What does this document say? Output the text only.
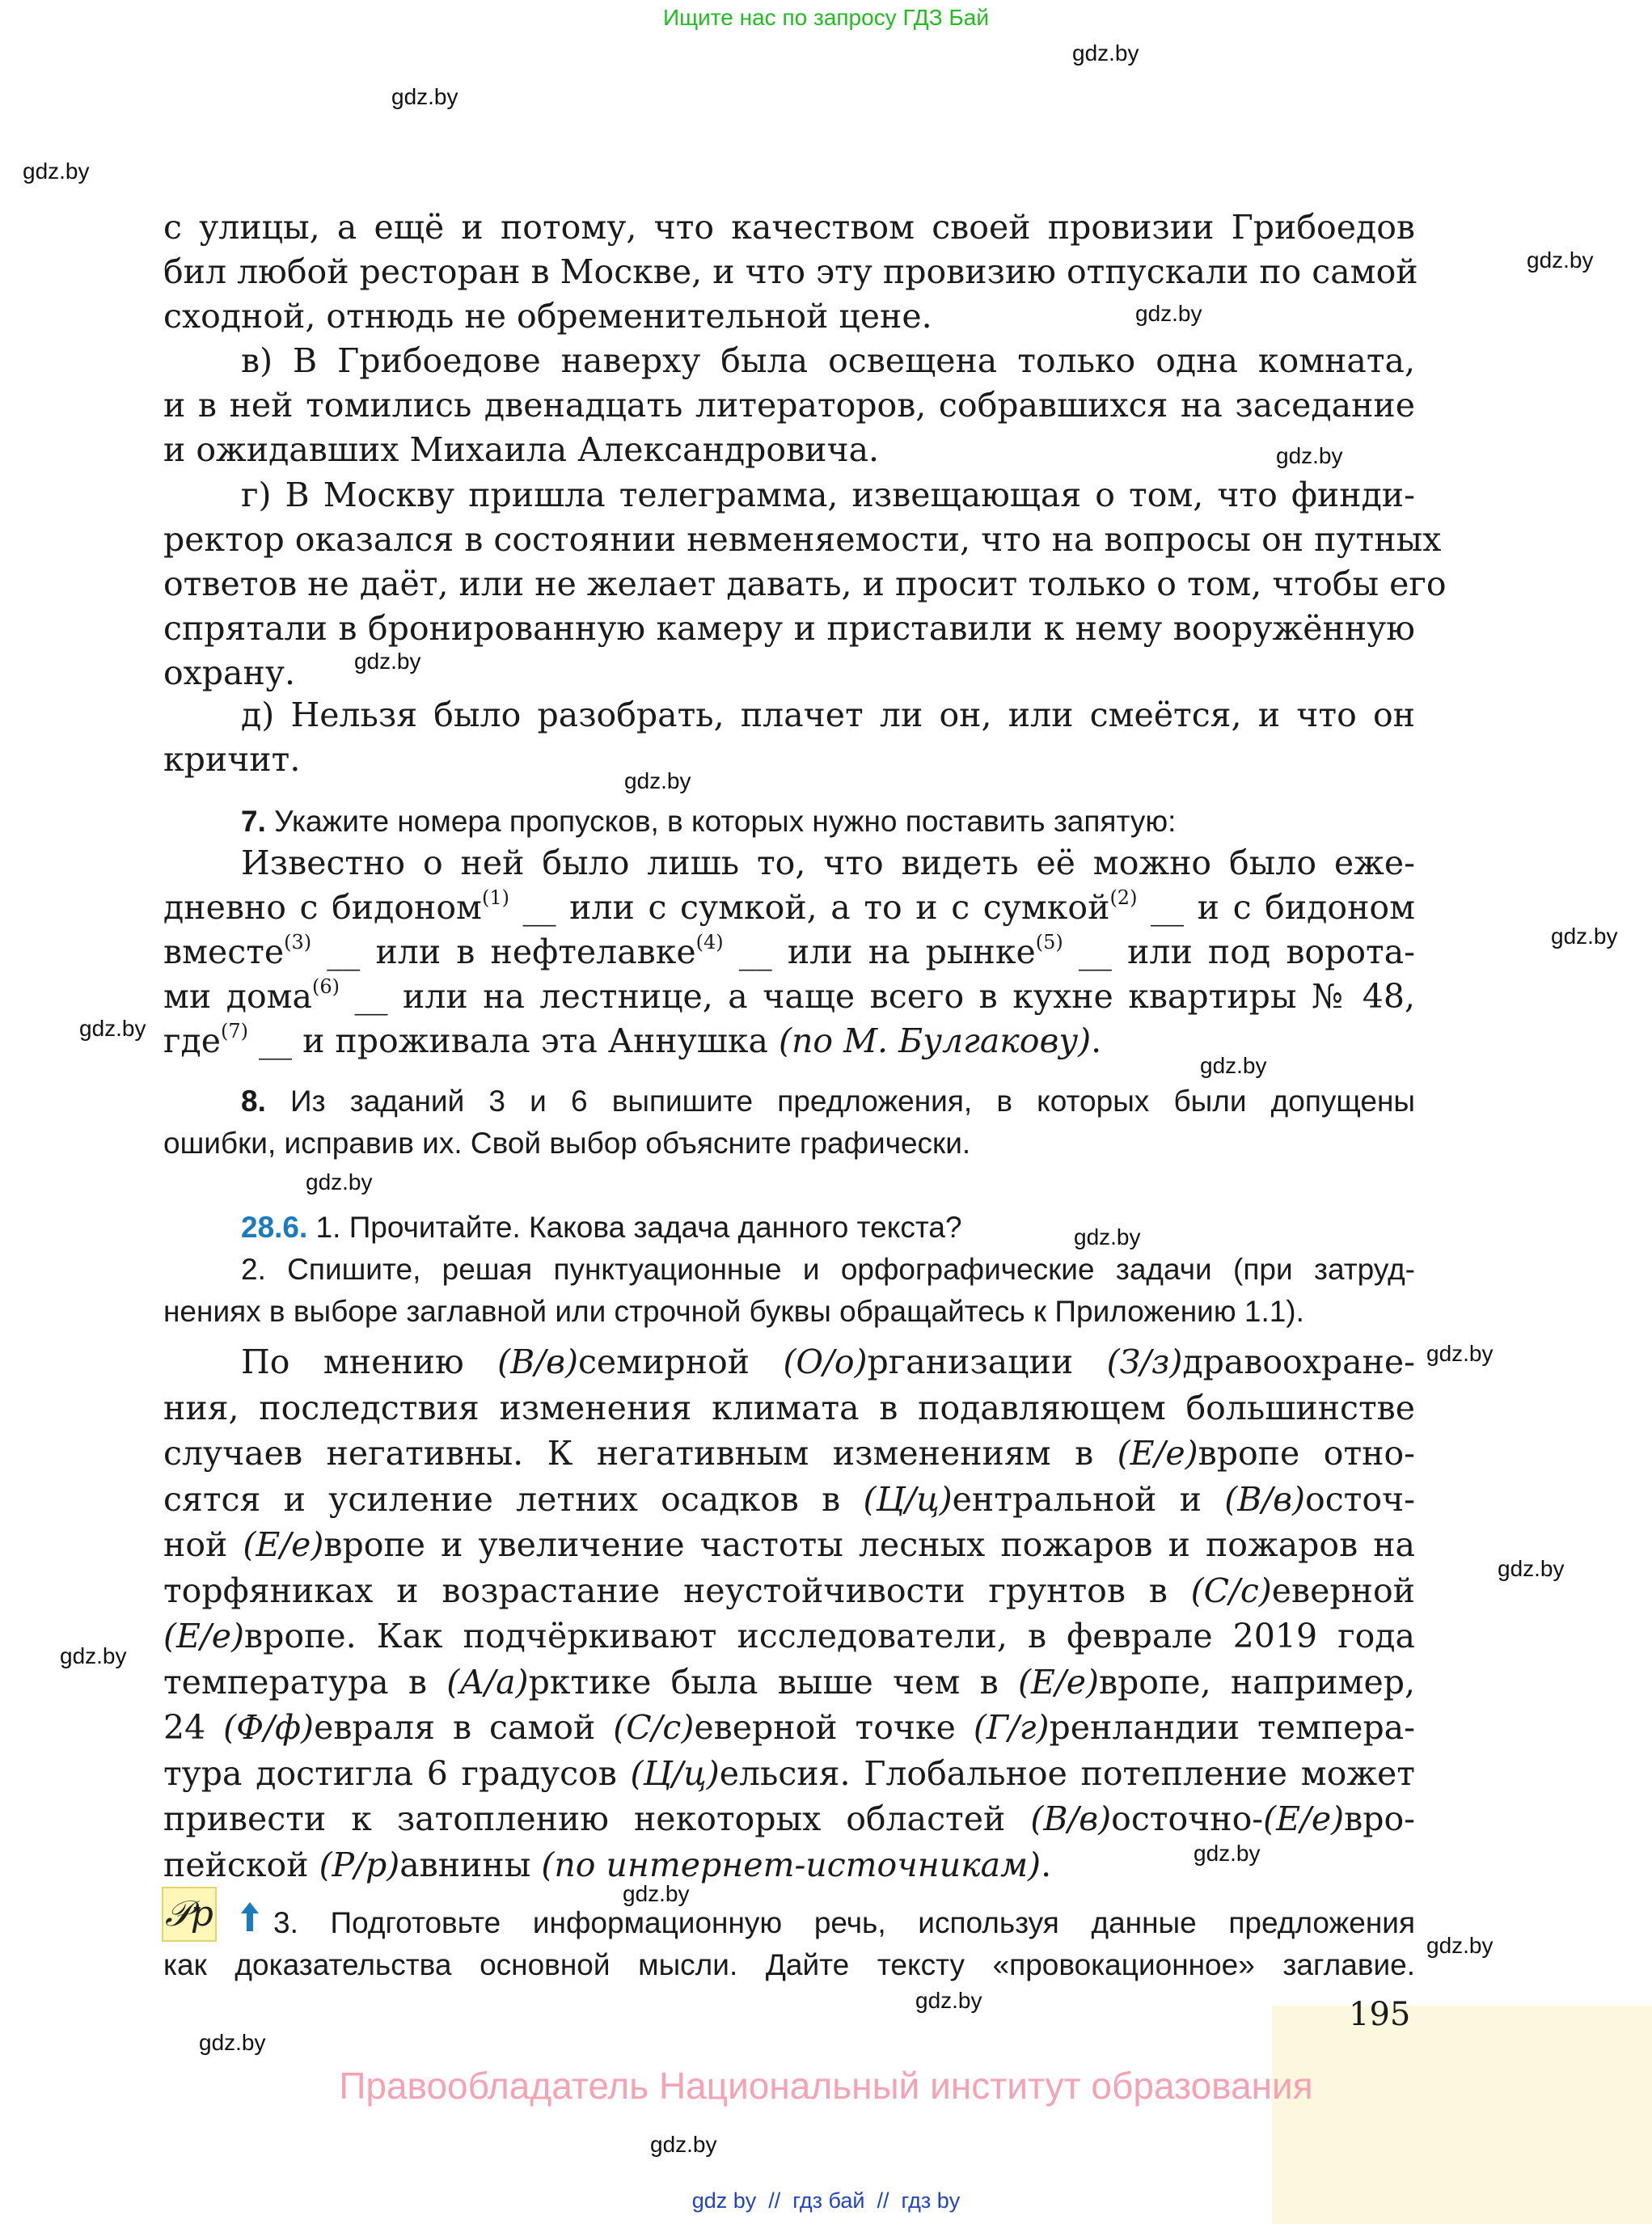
Ищите нас по запросу ГДЗ Бай
gdz.by
gdz.by
gdz.by
gdz.by
gdz.by
gdz.by
gdz.by
gdz.by
gdz.by
gdz.by
gdz.by
gdz.by
gdz.by
gdz.by
gdz.by
gdz.by
gdz.by
gdz.by
gdz.by
gdz.by
gdz.by
gdz.by
с улицы, а ещё и потому, что качеством своей провизии Грибоедов
бил любой ресторан в Москве, и что эту провизию отпускали по самой
сходной, отнюдь не обременительной цене.
в) В Грибоедове наверху была освещена только одна комната,
и в ней томились двенадцать литераторов, собравшихся на заседание
и ожидавших Михаила Александровича.
г) В Москву пришла телеграмма, извещающая о том, что финди-
ректор оказался в состоянии невменяемости, что на вопросы он путных
ответов не даёт, или не желает давать, и просит только о том, чтобы его
спрятали в бронированную камеру и приставили к нему вооружённую
охрану.
д) Нельзя было разобрать, плачет ли он, или смеётся, и что он
кричит.
7. Укажите номера пропусков, в которых нужно поставить запятую:
Известно о ней было лишь то, что видеть её можно было еже-
дневно с бидоном$^{(1)}$ __ или с сумкой, а то и с сумкой$^{(2)}$ __ и с бидоном
вместе$^{(3)}$ __ или в нефтелавке$^{(4)}$ __ или на рынке$^{(5)}$ __ или под ворота-
ми дома$^{(6)}$ __ или на лестнице, а чаще всего в кухне квартиры № 48,
где$^{(7)}$ __ и проживала эта Аннушка (по М. Булгакову).
8. Из заданий 3 и 6 выпишите предложения, в которых были допущены
ошибки, исправив их. Свой выбор объясните графически.
28.6. 1. Прочитайте. Какова задача данного текста?
2. Спишите, решая пунктуационные и орфографические задачи (при затруд-
нениях в выборе заглавной или строчной буквы обращайтесь к Приложению 1.1).
По мнению (В/в)семирной (О/о)рганизации (З/з)дравоохране-
ния, последствия изменения климата в подавляющем большинстве
случаев негативны. К негативным изменениям в (Е/е)вропе отно-
сятся и усиление летних осадков в (Ц/ц)ентральной и (В/в)осточ-
ной (Е/е)вропе и увеличение частоты лесных пожаров и пожаров на
торфяниках и возрастание неустойчивости грунтов в (С/с)еверной
(Е/е)вропе. Как подчёркивают исследователи, в феврале 2019 года
температура в (А/а)рктике была выше чем в (Е/е)вропе, например,
24 (Ф/ф)евраля в самой (С/с)еверной точке (Г/г)ренландии темпера-
тура достигла 6 градусов (Ц/ц)ельсия. Глобальное потепление может
привести к затоплению некоторых областей (В/в)осточно-(Е/е)вро-
пейской (Р/р)авнины (по интернет-источникам).
𝒫р	3. Подготовьте информационную речь, используя данные предложения
как доказательства основной мысли. Дайте тексту «провокационное» заглавие.
195
Правообладатель Национальный институт образования
gdz by  //  гдз бай  //  гдз by
